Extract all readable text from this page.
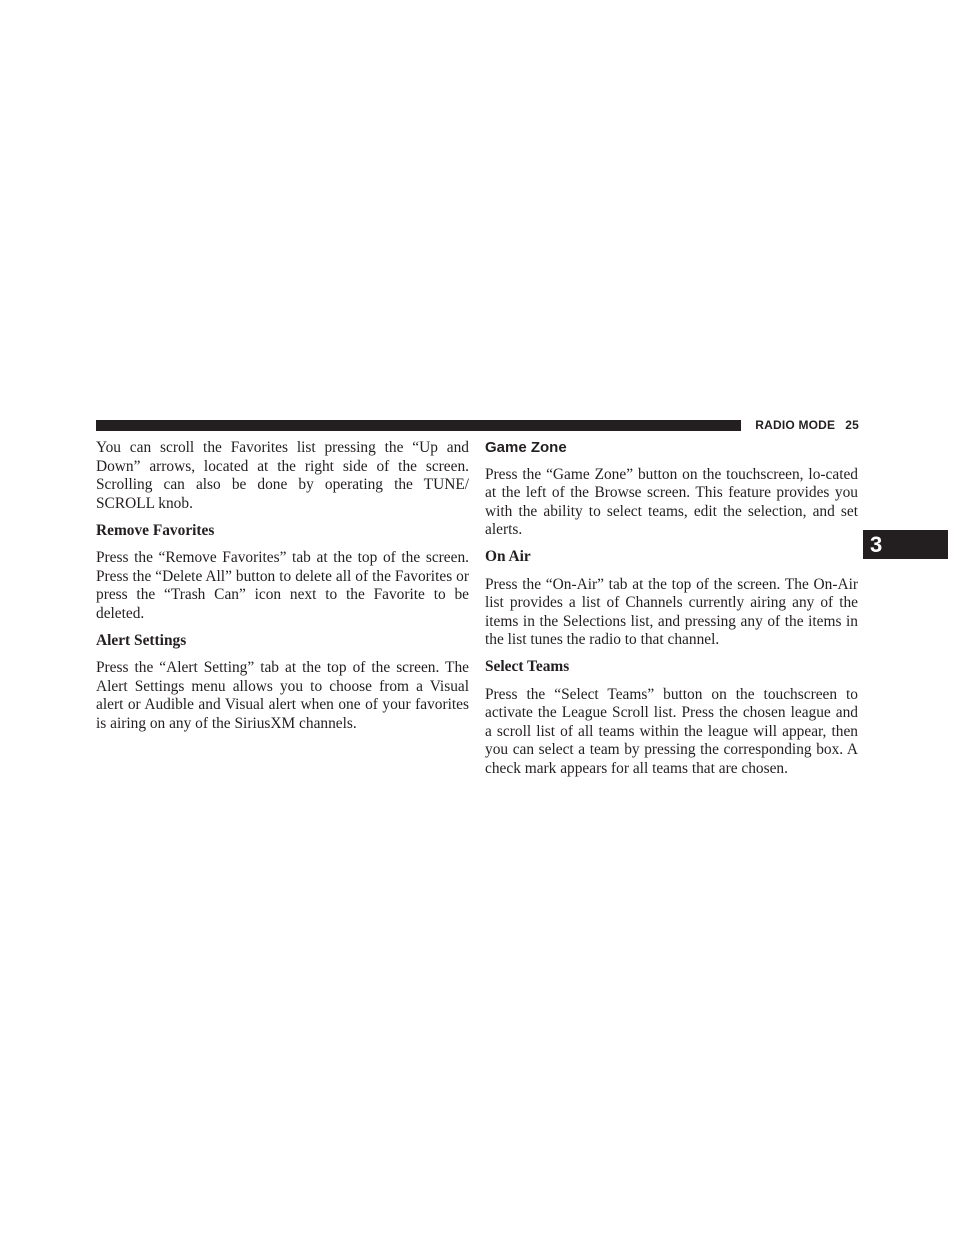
RADIO MODE 25
3

You can scroll the Favorites list pressing the “Up and Down” arrows, located at the right side of the screen. Scrolling can also be done by operating the TUNE/ SCROLL knob.

Remove Favorites

Press the “Remove Favorites” tab at the top of the screen. Press the “Delete All” button to delete all of the Favorites or press the “Trash Can” icon next to the Favorite to be deleted.

Alert Settings

Press the “Alert Setting” tab at the top of the screen. The Alert Settings menu allows you to choose from a Visual alert or Audible and Visual alert when one of your favorites is airing on any of the SiriusXM channels.

Game Zone

Press the “Game Zone” button on the touchscreen, lo-cated at the left of the Browse screen. This feature provides you with the ability to select teams, edit the selection, and set alerts.

On Air

Press the “On-Air” tab at the top of the screen. The On-Air list provides a list of Channels currently airing any of the items in the Selections list, and pressing any of the items in the list tunes the radio to that channel.

Select Teams

Press the “Select Teams” button on the touchscreen to activate the League Scroll list. Press the chosen league and a scroll list of all teams within the league will appear, then you can select a team by pressing the corresponding box. A check mark appears for all teams that are chosen.
